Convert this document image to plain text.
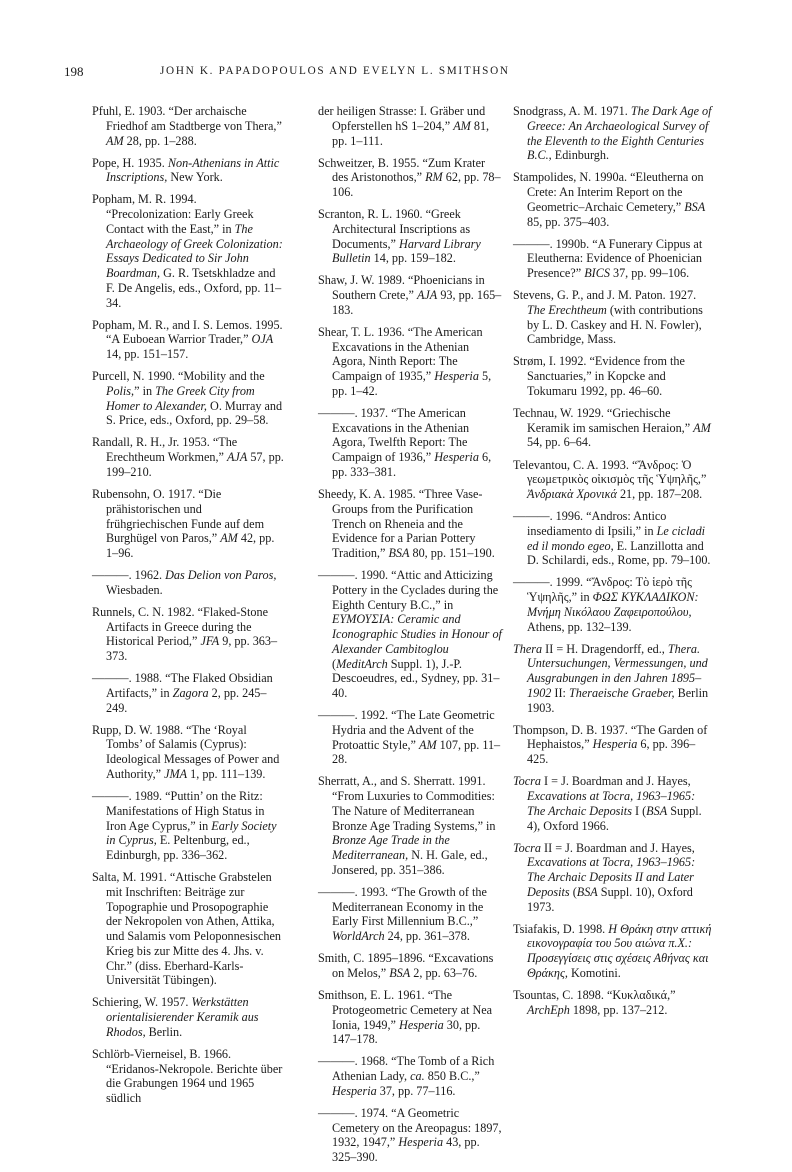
198	JOHN K. PAPADOPOULOS AND EVELYN L. SMITHSON

Pfuhl, E. 1903. “Der archaische Friedhof am Stadtberge von Thera,” AM 28, pp. 1–288.

Pope, H. 1935. Non-Athenians in Attic Inscriptions, New York.

Popham, M. R. 1994. “Precolonization: Early Greek Contact with the East,” in The Archaeology of Greek Colonization: Essays Dedicated to Sir John Boardman, G. R. Tsetskhladze and F. De Angelis, eds., Oxford, pp. 11–34.

Popham, M. R., and I. S. Lemos. 1995. “A Euboean Warrior Trader,” OJA 14, pp. 151–157.

Purcell, N. 1990. “Mobility and the Polis,” in The Greek City from Homer to Alexander, O. Murray and S. Price, eds., Oxford, pp. 29–58.

Randall, R. H., Jr. 1953. “The Erechtheum Workmen,” AJA 57, pp. 199–210.

Rubensohn, O. 1917. “Die prähistorischen und frühgriechischen Funde auf dem Burghügel von Paros,” AM 42, pp. 1–96.

———. 1962. Das Delion von Paros, Wiesbaden.

Runnels, C. N. 1982. “Flaked-Stone Artifacts in Greece during the Historical Period,” JFA 9, pp. 363–373.

———. 1988. “The Flaked Obsidian Artifacts,” in Zagora 2, pp. 245–249.

Rupp, D. W. 1988. “The ‘Royal Tombs’ of Salamis (Cyprus): Ideological Messages of Power and Authority,” JMA 1, pp. 111–139.

———. 1989. “Puttin’ on the Ritz: Manifestations of High Status in Iron Age Cyprus,” in Early Society in Cyprus, E. Peltenburg, ed., Edinburgh, pp. 336–362.

Salta, M. 1991. “Attische Grabstelen mit Inschriften: Beiträge zur Topographie und Prosopographie der Nekropolen von Athen, Attika, und Salamis vom Peloponnesischen Krieg bis zur Mitte des 4. Jhs. v. Chr.” (diss. Eberhard-Karls-Universität Tübingen).

Schiering, W. 1957. Werkstätten orientalisierender Keramik aus Rhodos, Berlin.

Schlörb-Vierneisel, B. 1966. “Eridanos-Nekropole. Berichte über die Grabungen 1964 und 1965 südlich

der heiligen Strasse: I. Gräber und Opferstellen hS 1–204,” AM 81, pp. 1–111.

Schweitzer, B. 1955. “Zum Krater des Aristonothos,” RM 62, pp. 78–106.

Scranton, R. L. 1960. “Greek Architectural Inscriptions as Documents,” Harvard Library Bulletin 14, pp. 159–182.

Shaw, J. W. 1989. “Phoenicians in Southern Crete,” AJA 93, pp. 165–183.

Shear, T. L. 1936. “The American Excavations in the Athenian Agora, Ninth Report: The Campaign of 1935,” Hesperia 5, pp. 1–42.

———. 1937. “The American Excavations in the Athenian Agora, Twelfth Report: The Campaign of 1936,” Hesperia 6, pp. 333–381.

Sheedy, K. A. 1985. “Three Vase-Groups from the Purification Trench on Rheneia and the Evidence for a Parian Pottery Tradition,” BSA 80, pp. 151–190.

———. 1990. “Attic and Atticizing Pottery in the Cyclades during the Eighth Century B.C.,” in ΕΥΜΟΥΣΙΑ: Ceramic and Iconographic Studies in Honour of Alexander Cambitoglou (MeditArch Suppl. 1), J.-P. Descoeudres, ed., Sydney, pp. 31–40.

———. 1992. “The Late Geometric Hydria and the Advent of the Protoattic Style,” AM 107, pp. 11–28.

Sherratt, A., and S. Sherratt. 1991. “From Luxuries to Commodities: The Nature of Mediterranean Bronze Age Trading Systems,” in Bronze Age Trade in the Mediterranean, N. H. Gale, ed., Jonsered, pp. 351–386.

———. 1993. “The Growth of the Mediterranean Economy in the Early First Millennium B.C.,” WorldArch 24, pp. 361–378.

Smith, C. 1895–1896. “Excavations on Melos,” BSA 2, pp. 63–76.

Smithson, E. L. 1961. “The Protogeometric Cemetery at Nea Ionia, 1949,” Hesperia 30, pp. 147–178.

———. 1968. “The Tomb of a Rich Athenian Lady, ca. 850 B.C.,” Hesperia 37, pp. 77–116.

———. 1974. “A Geometric Cemetery on the Areopagus: 1897, 1932, 1947,” Hesperia 43, pp. 325–390.

Snodgrass, A. M. 1971. The Dark Age of Greece: An Archaeological Survey of the Eleventh to the Eighth Centuries B.C., Edinburgh.

Stampolides, N. 1990a. “Eleutherna on Crete: An Interim Report on the Geometric–Archaic Cemetery,” BSA 85, pp. 375–403.

———. 1990b. “A Funerary Cippus at Eleutherna: Evidence of Phoenician Presence?” BICS 37, pp. 99–106.

Stevens, G. P., and J. M. Paton. 1927. The Erechtheum (with contributions by L. D. Caskey and H. N. Fowler), Cambridge, Mass.

Strøm, I. 1992. “Evidence from the Sanctuaries,” in Kopcke and Tokumaru 1992, pp. 46–60.

Technau, W. 1929. “Griechische Keramik im samischen Heraion,” AM 54, pp. 6–64.

Televantou, C. A. 1993. “Ἄνδρος: Ὁ γεωμετρικὸς οἰκισμὸς τῆς Ὑψηλῆς,” Ἀνδριακὰ Χρονικά 21, pp. 187–208.

———. 1996. “Andros: Antico insediamento di Ipsili,” in Le cicladi ed il mondo egeo, E. Lanzillotta and D. Schilardi, eds., Rome, pp. 79–100.

———. 1999. “Ἄνδρος: Τὸ ἱερὸ τῆς Ὑψηλῆς,” in ΦΩΣ ΚΥΚΛΑΔΙΚΟΝ: Μνήμη Νικόλαου Ζαφειροπούλου, Athens, pp. 132–139.

Thera II = H. Dragendorff, ed., Thera. Untersuchungen, Vermessungen, und Ausgrabungen in den Jahren 1895–1902 II: Theraeische Graeber, Berlin 1903.

Thompson, D. B. 1937. “The Garden of Hephaistos,” Hesperia 6, pp. 396–425.

Tocra I = J. Boardman and J. Hayes, Excavations at Tocra, 1963–1965: The Archaic Deposits I (BSA Suppl. 4), Oxford 1966.

Tocra II = J. Boardman and J. Hayes, Excavations at Tocra, 1963–1965: The Archaic Deposits II and Later Deposits (BSA Suppl. 10), Oxford 1973.

Tsiafakis, D. 1998. Η Θράκη στην αττική εικονογραφία του 5ου αιώνα π.Χ.: Προσεγγίσεις στις σχέσεις Αθήνας και Θράκης, Komotini.

Tsountas, C. 1898. “Κυκλαδικά,” ArchEph 1898, pp. 137–212.
